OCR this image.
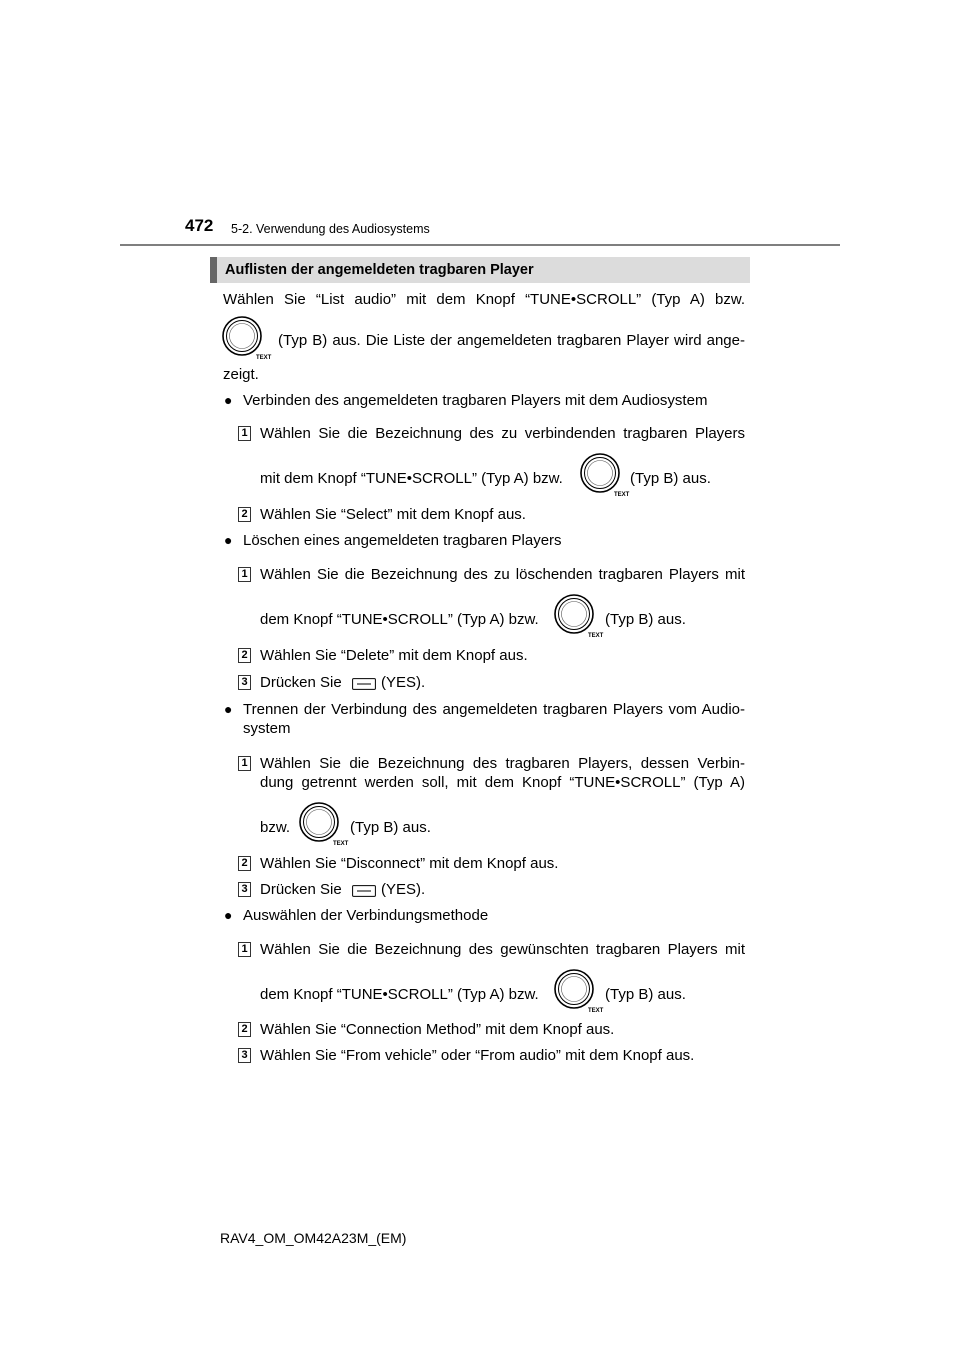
472 5-2. Verwendung des Audiosystems
Auflisten der angemeldeten tragbaren Player
Wählen Sie “List audio” mit dem Knopf “TUNE•SCROLL” (Typ A) bzw.
TEXT
(Typ B) aus. Die Liste der angemeldeten tragbaren Player wird ange-
zeigt.
● Verbinden des angemeldeten tragbaren Players mit dem Audiosystem
1 Wählen Sie die Bezeichnung des zu verbindenden tragbaren Players
mit dem Knopf “TUNE•SCROLL” (Typ A) bzw.
TEXT
(Typ B) aus.
2 Wählen Sie “Select” mit dem Knopf aus.
● Löschen eines angemeldeten tragbaren Players
1 Wählen Sie die Bezeichnung des zu löschenden tragbaren Players mit
dem Knopf “TUNE•SCROLL” (Typ A) bzw.
TEXT
(Typ B) aus.
2 Wählen Sie “Delete” mit dem Knopf aus.
3 Drücken Sie	(YES).
● Trennen der Verbindung des angemeldeten tragbaren Players vom Audio-
system
1 Wählen Sie die Bezeichnung des tragbaren Players, dessen Verbin-
dung getrennt werden soll, mit dem Knopf “TUNE•SCROLL” (Typ A)
bzw.
TEXT
(Typ B) aus.
2 Wählen Sie “Disconnect” mit dem Knopf aus.
3 Drücken Sie	(YES).
● Auswählen der Verbindungsmethode
1 Wählen Sie die Bezeichnung des gewünschten tragbaren Players mit
dem Knopf “TUNE•SCROLL” (Typ A) bzw.
TEXT
(Typ B) aus.
2 Wählen Sie “Connection Method” mit dem Knopf aus.
3 Wählen Sie “From vehicle” oder “From audio” mit dem Knopf aus.
RAV4_OM_OM42A23M_(EM)
